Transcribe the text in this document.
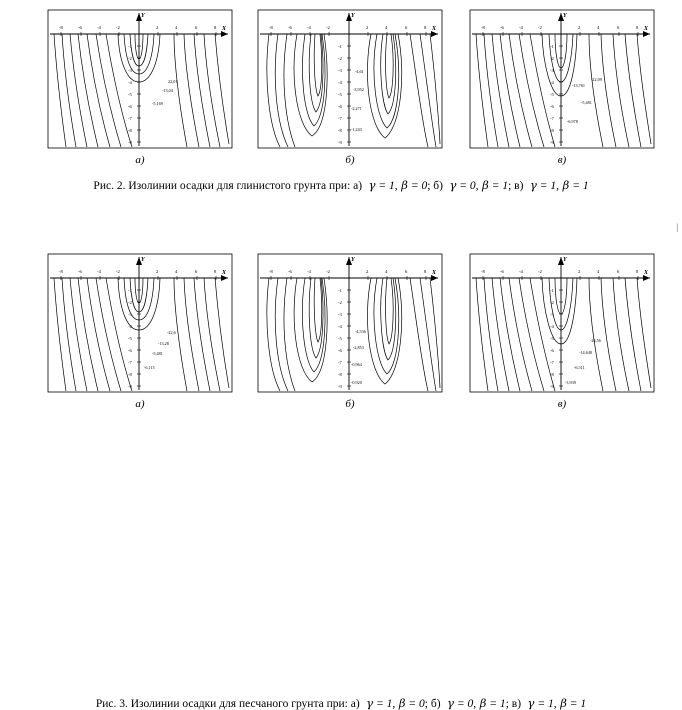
-8	-6	-4	-2	2	4	6	8
-1
-2
-3
-4
-5
-6
-7
-8
-9
Y
X
22,01
-13,04
-5,169
а)
-8	-6	-4	-2	2	4	6	8
-1
-2
-3
-4
-5
-6
-7
-8
-9
Y
X
-4,61
-3,952
-2,271
-1,243
б)
-8	-6	-4	-2	2	4	6	8
-1
-2
-3
-4
-5
-6
-7
-8
-9
Y
X
-22,09
-13,761
-5,481
-6,978
в)
Рис. 2. Изолинии осадки для глинистого грунта при: а)  γ = 1, β = 0; б)  γ = 0, β = 1; в)  γ = 1, β = 1
-8	-6	-4	-2	2	4	6	8
-1
-2
-3
-4
-5
-6
-7
-8
-9
Y
X
-22,6
-13,28
-5,481
-6,115
а)
-8	-6	-4	-2	2	4	6	8
-1
-2
-3
-4
-5
-6
-7
-8
-9
Y
X
-4,536
-2,853
-0,964
-0,920
б)
-8	-6	-4	-2	2	4	6	8
-1
-2
-3
-4
-5
-6
-7
-8
-9
Y
X
-24,56
-14,648
-6,511
-3,939
в)
Рис. 3. Изолинии осадки для песчаного грунта при: а)  γ = 1, β = 0; б)  γ = 0, β = 1; в)  γ = 1, β = 1
|
